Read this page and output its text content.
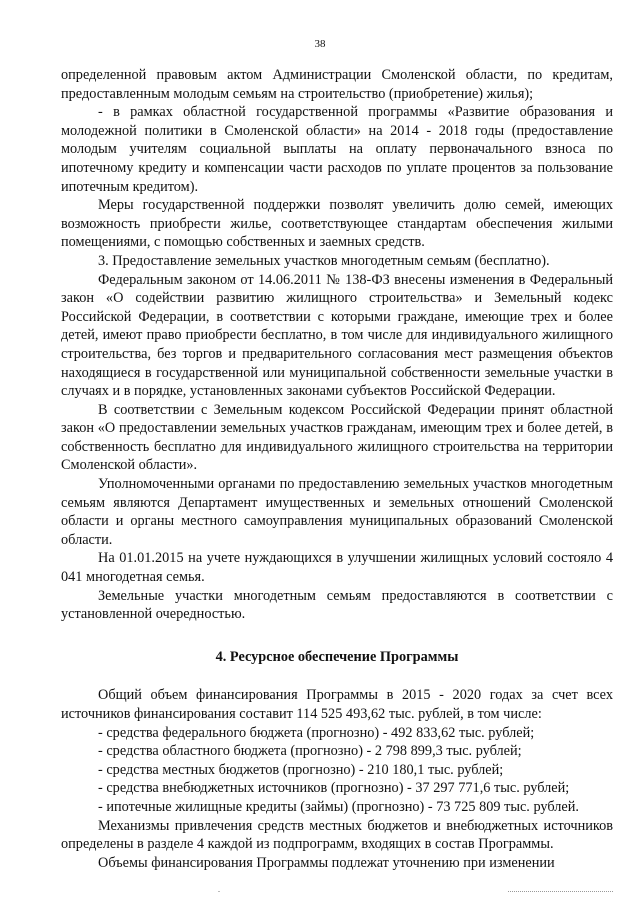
38

определенной правовым актом Администрации Смоленской области, по кредитам, предоставленным молодым семьям на строительство (приобретение) жилья);

- в рамках областной государственной программы «Развитие образования и молодежной политики в Смоленской области» на 2014 - 2018 годы (предоставление молодым учителям социальной выплаты на оплату первоначального взноса по ипотечному кредиту и компенсации части расходов по уплате процентов за пользование ипотечным кредитом).

Меры государственной поддержки позволят увеличить долю семей, имеющих возможность приобрести жилье, соответствующее стандартам обеспечения жилыми помещениями, с помощью собственных и заемных средств.

3. Предоставление земельных участков многодетным семьям (бесплатно).

Федеральным законом от 14.06.2011 № 138-ФЗ внесены изменения в Федеральный закон «О содействии развитию жилищного строительства» и Земельный кодекс Российской Федерации, в соответствии с которыми граждане, имеющие трех и более детей, имеют право приобрести бесплатно, в том числе для индивидуального жилищного строительства, без торгов и предварительного согласования мест размещения объектов находящиеся в государственной или муниципальной собственности земельные участки в случаях и в порядке, установленных законами субъектов Российской Федерации.

В соответствии с Земельным кодексом Российской Федерации принят областной закон «О предоставлении земельных участков гражданам, имеющим трех и более детей, в собственность бесплатно для индивидуального жилищного строительства на территории Смоленской области».

Уполномоченными органами по предоставлению земельных участков многодетным семьям являются Департамент имущественных и земельных отношений Смоленской области и органы местного самоуправления муниципальных образований Смоленской области.

На 01.01.2015 на учете нуждающихся в улучшении жилищных условий состояло 4 041 многодетная семья.

Земельные участки многодетным семьям предоставляются в соответствии с установленной очередностью.

4. Ресурсное обеспечение Программы

Общий объем финансирования Программы в 2015 - 2020 годах за счет всех источников финансирования составит 114 525 493,62 тыс. рублей, в том числе:

- средства федерального бюджета (прогнозно) - 492 833,62 тыс. рублей;

- средства областного бюджета (прогнозно) - 2 798 899,3 тыс. рублей;

- средства местных бюджетов (прогнозно) - 210 180,1 тыс. рублей;

- средства внебюджетных источников (прогнозно) - 37 297 771,6 тыс. рублей;

- ипотечные жилищные кредиты (займы) (прогнозно) - 73 725 809 тыс. рублей.

Механизмы привлечения средств местных бюджетов и внебюджетных источников определены в разделе 4 каждой из подпрограмм, входящих в состав Программы.

Объемы финансирования Программы подлежат уточнению при изменении
